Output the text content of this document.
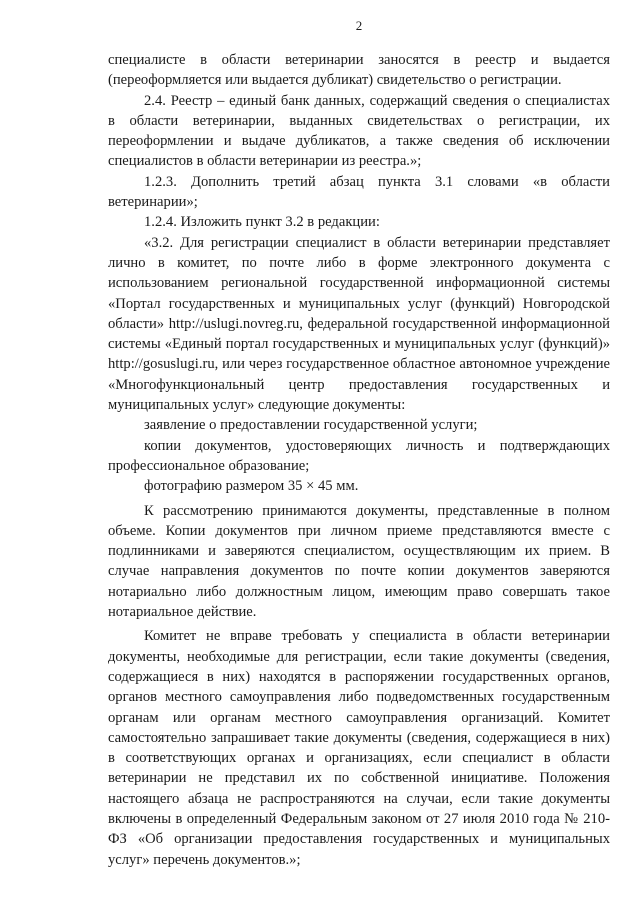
2

специалисте в области ветеринарии заносятся в реестр и выдается (переоформляется или выдается дубликат) свидетельство о регистрации.

2.4. Реестр – единый банк данных, содержащий сведения о специалистах в области ветеринарии, выданных свидетельствах о регистрации, их переоформлении и выдаче дубликатов, а также сведения об исключении специалистов в области ветеринарии из реестра.»;

1.2.3. Дополнить третий абзац пункта 3.1 словами «в области ветеринарии»;

1.2.4. Изложить пункт 3.2 в редакции:

«3.2. Для регистрации специалист в области ветеринарии представляет лично в комитет, по почте либо в форме электронного документа с использованием региональной государственной информационной системы «Портал государственных и муниципальных услуг (функций) Новгородской области» http://uslugi.novreg.ru, федеральной государственной информационной системы «Единый портал государственных и муниципальных услуг (функций)» http://gosuslugi.ru, или через государственное областное автономное учреждение «Многофункциональный центр предоставления государственных и муниципальных услуг» следующие документы:

заявление о предоставлении государственной услуги;

копии документов, удостоверяющих личность и подтверждающих профессиональное образование;

фотографию размером 35 × 45 мм.

К рассмотрению принимаются документы, представленные в полном объеме. Копии документов при личном приеме представляются вместе с подлинниками и заверяются специалистом, осуществляющим их прием. В случае направления документов по почте копии документов заверяются нотариально либо должностным лицом, имеющим право совершать такое нотариальное действие.

Комитет не вправе требовать у специалиста в области ветеринарии документы, необходимые для регистрации, если такие документы (сведения, содержащиеся в них) находятся в распоряжении государственных органов, органов местного самоуправления либо подведомственных государственным органам или органам местного самоуправления организаций. Комитет самостоятельно запрашивает такие документы (сведения, содержащиеся в них) в соответствующих органах и организациях, если специалист в области ветеринарии не представил их по собственной инициативе. Положения настоящего абзаца не распространяются на случаи, если такие документы включены в определенный Федеральным законом от 27 июля 2010 года № 210-ФЗ «Об организации предоставления государственных и муниципальных услуг» перечень документов.»;
